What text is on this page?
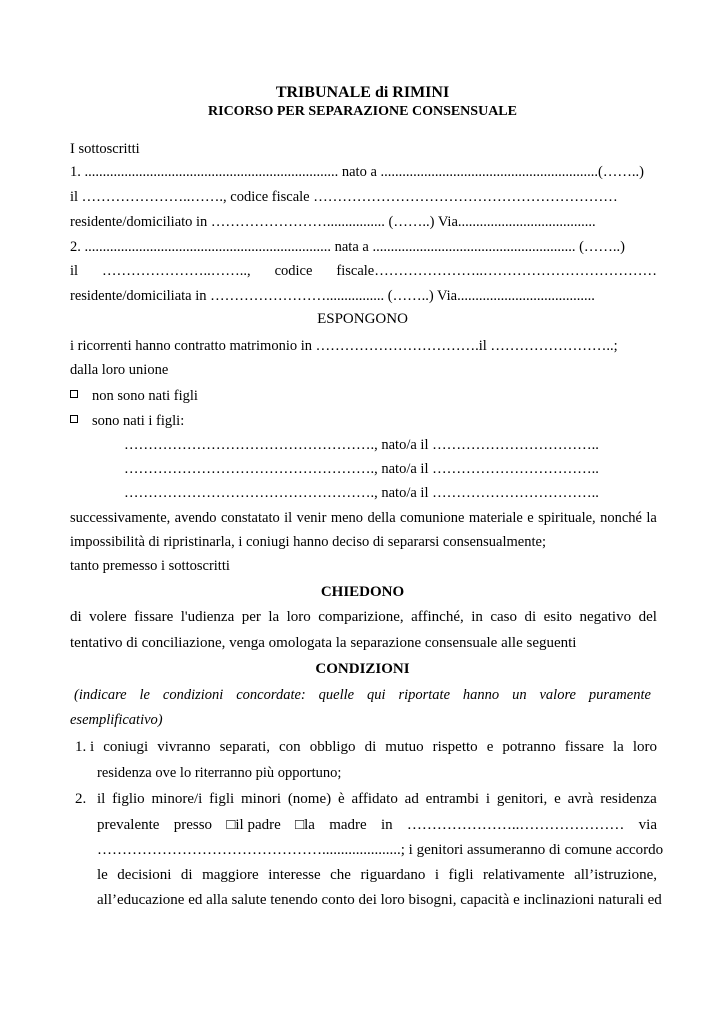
TRIBUNALE di RIMINI
RICORSO PER SEPARAZIONE CONSENSUALE
I sottoscritti
1. ...................................................................... nato a ............................................................(……..)
il …………………..……., codice fiscale ………………………………………………………
residente/domiciliato in ……………………................ (……..) Via......................................
2. .................................................................... nata a ........................................................ (……..)
il …………………..…….., codice fiscale…………………..………………………………
residente/domiciliata in ……………………................ (……..) Via......................................
ESPONGONO
i ricorrenti hanno contratto matrimonio in …………………………….il ……………………..;
dalla loro unione
non sono nati figli
sono nati i figli:
……………………………………………., nato/a il ……………………………..
……………………………………………., nato/a il ……………………………..
……………………………………………., nato/a il ……………………………..
successivamente, avendo constatato il venir meno della comunione materiale e spirituale, nonché la
impossibilità di ripristinarla, i coniugi hanno deciso di separarsi consensualmente;
tanto premesso i sottoscritti
CHIEDONO
di volere fissare l'udienza per la loro comparizione, affinché, in caso di esito negativo del
tentativo di conciliazione, venga omologata la separazione consensuale alle seguenti
CONDIZIONI
(indicare le condizioni concordate: quelle qui riportate hanno un valore puramente
esemplificativo)
1. i coniugi vivranno separati, con obbligo di mutuo rispetto e potranno fissare la loro
residenza ove lo riterranno più opportuno;
2. il figlio minore/i figli minori (nome) è affidato ad entrambi i genitori, e avrà residenza
prevalente presso □il padre □la madre in …………………..………………… via
……………………………………….....................; i genitori assumeranno di comune accordo
le decisioni di maggiore interesse che riguardano i figli relativamente all’istruzione,
all’educazione ed alla salute tenendo conto dei loro bisogni, capacità e inclinazioni naturali ed
